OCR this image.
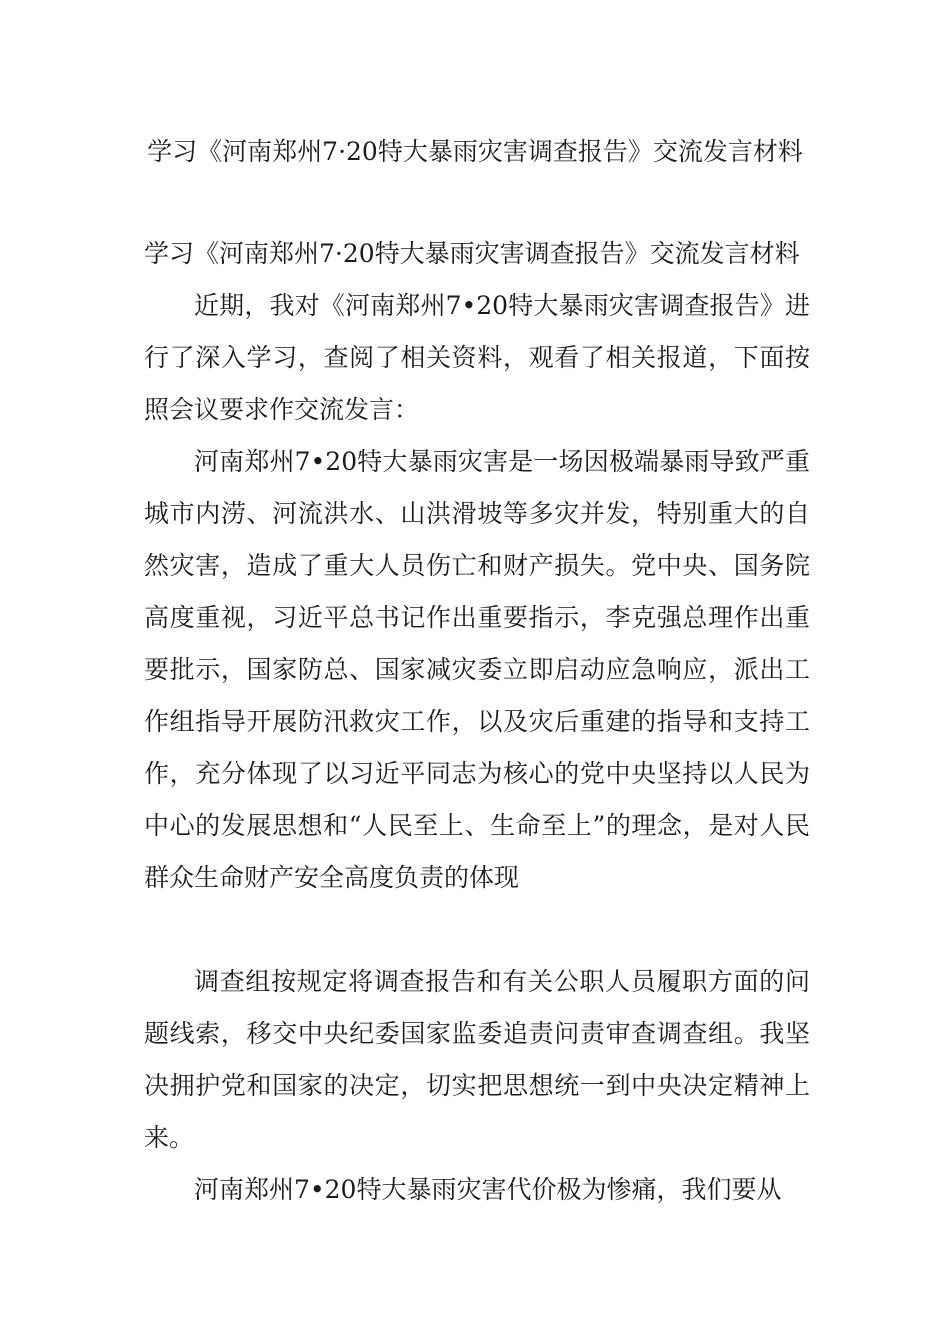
学习《河南郑州7·20特大暴雨灾害调查报告》交流发言材料

学习《河南郑州7·20特大暴雨灾害调查报告》交流发言材料

近期，我对《河南郑州7•20特大暴雨灾害调查报告》进行了深入学习，查阅了相关资料，观看了相关报道，下面按照会议要求作交流发言：

河南郑州7•20特大暴雨灾害是一场因极端暴雨导致严重城市内涝、河流洪水、山洪滑坡等多灾并发，特别重大的自然灾害，造成了重大人员伤亡和财产损失。党中央、国务院高度重视，习近平总书记作出重要指示，李克强总理作出重要批示，国家防总、国家减灾委立即启动应急响应，派出工作组指导开展防汛救灾工作，以及灾后重建的指导和支持工作，充分体现了以习近平同志为核心的党中央坚持以人民为中心的发展思想和“人民至上、生命至上”的理念，是对人民群众生命财产安全高度负责的体现

调查组按规定将调查报告和有关公职人员履职方面的问题线索，移交中央纪委国家监委追责问责审查调查组。我坚决拥护党和国家的决定，切实把思想统一到中央决定精神上来。

河南郑州7•20特大暴雨灾害代价极为惨痛，我们要从
